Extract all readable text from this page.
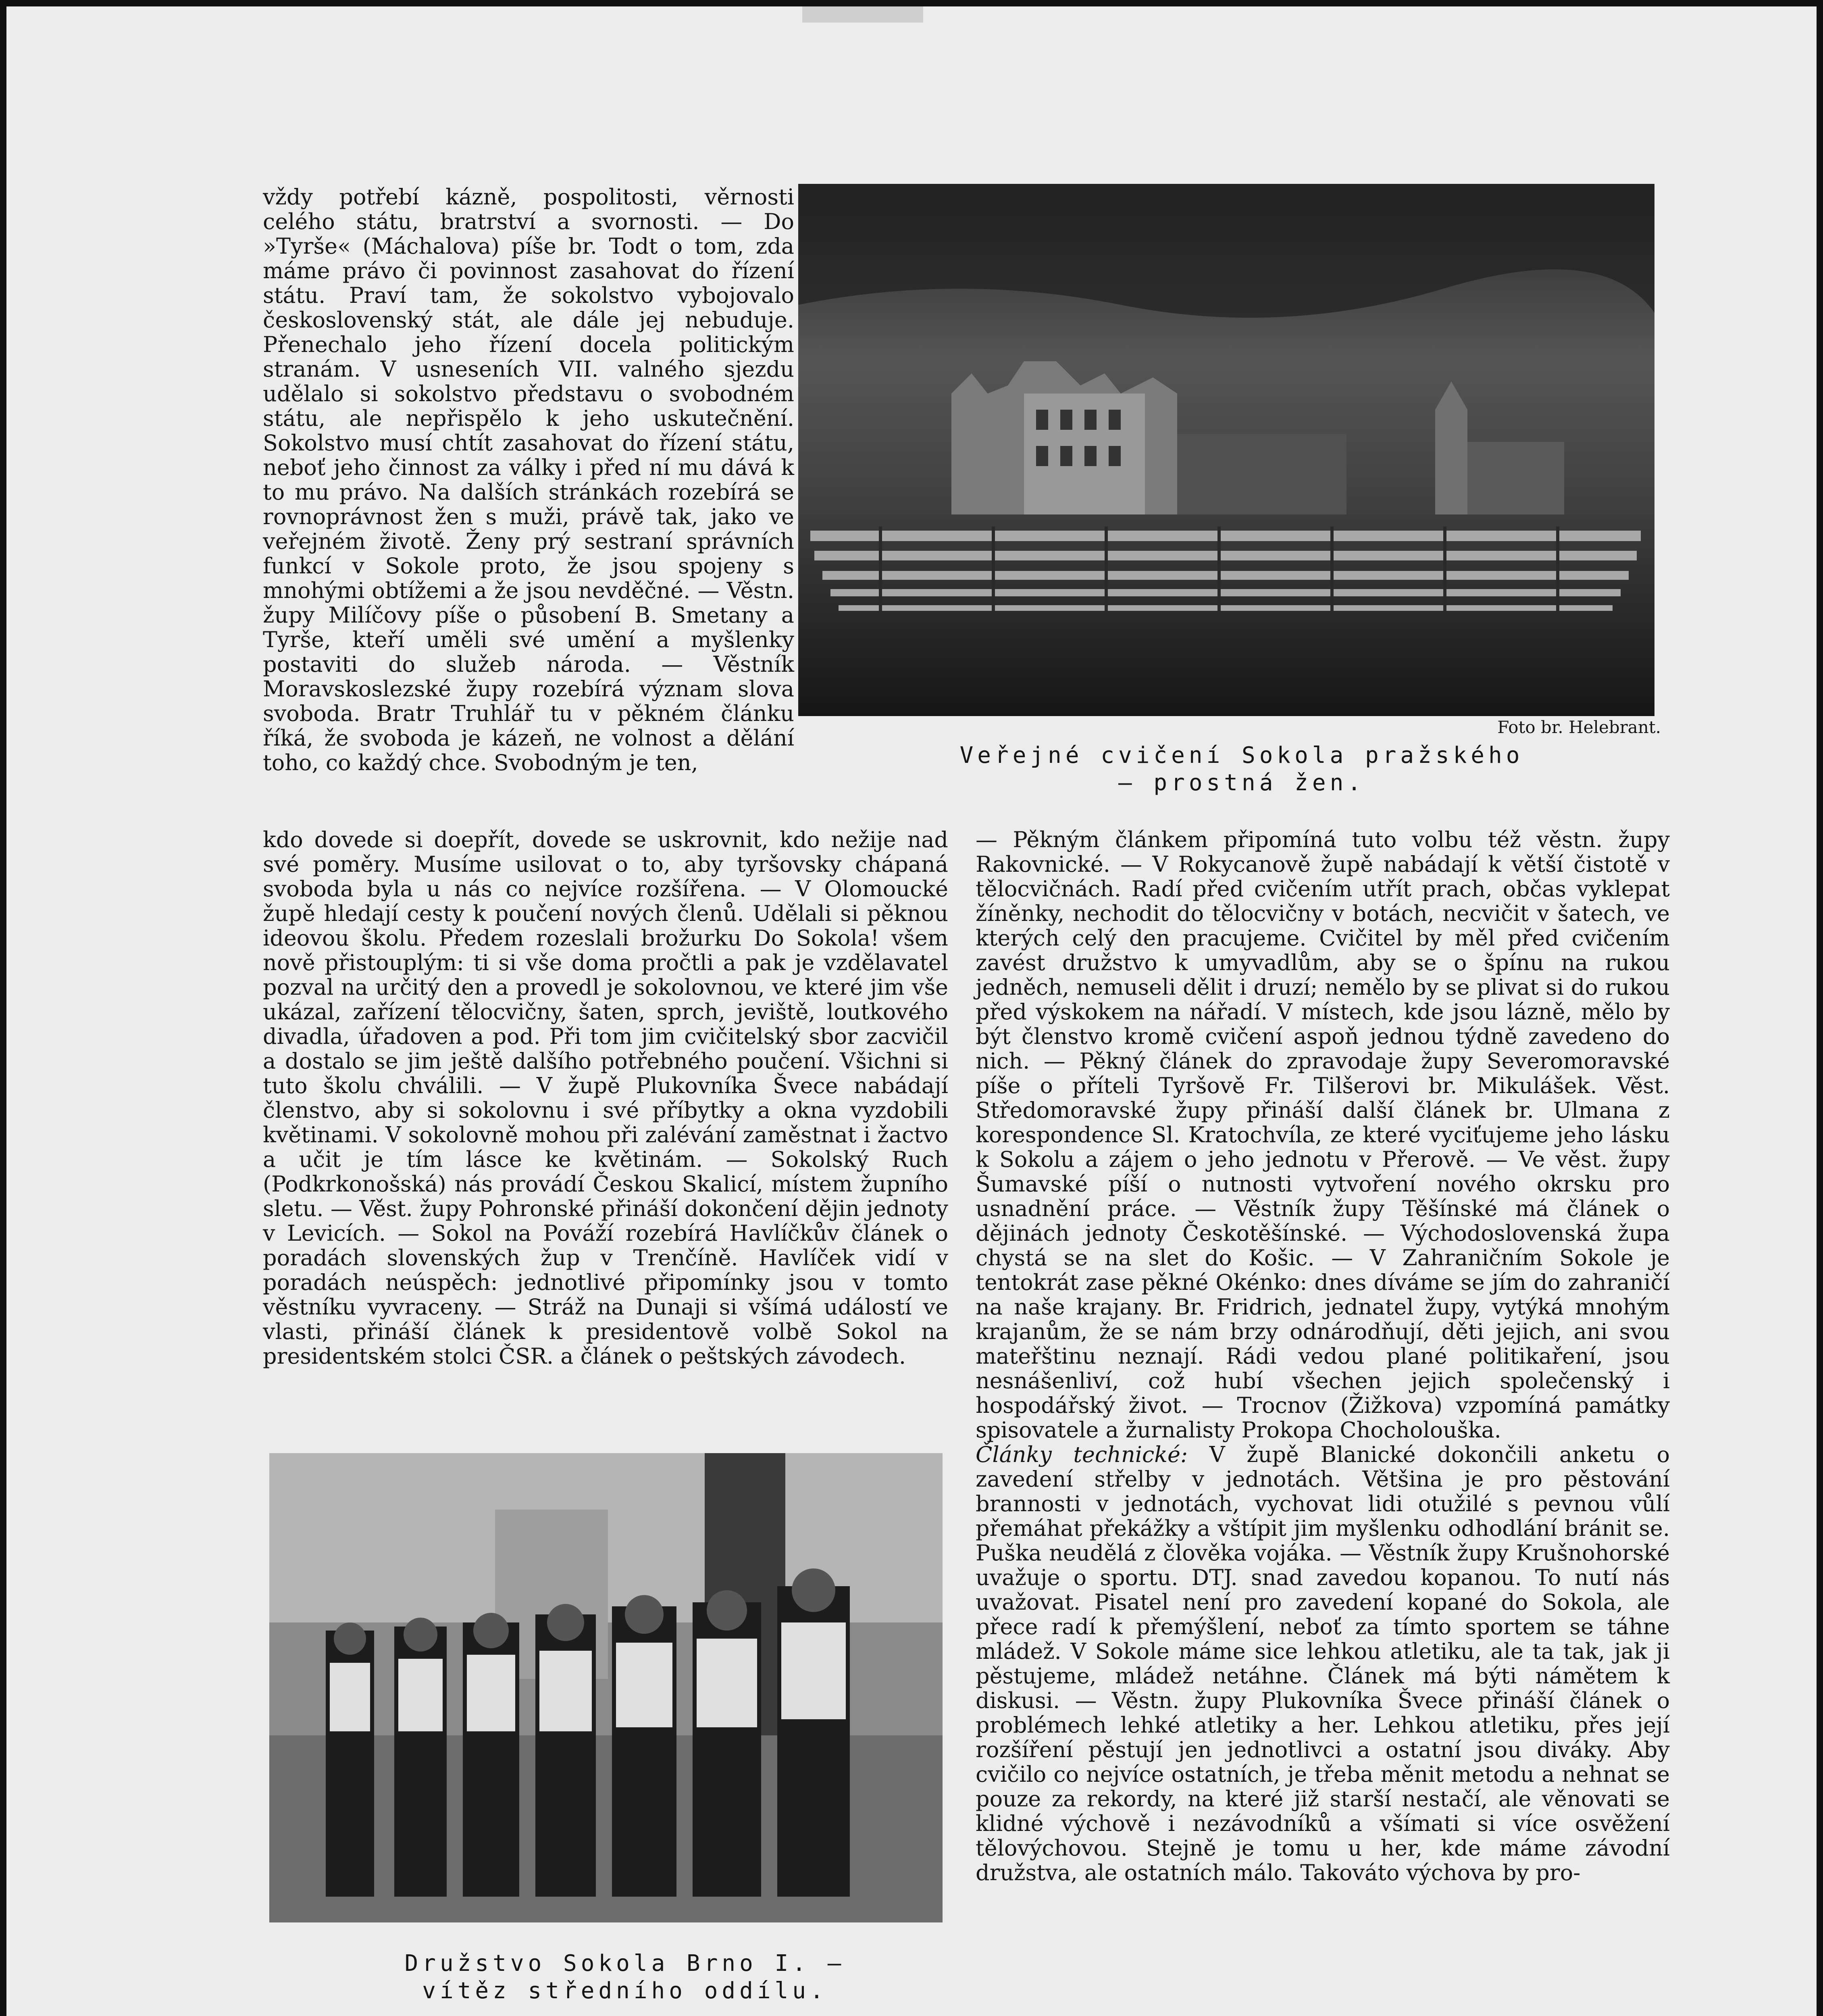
vždy potřebí kázně, pospolitosti, věrnosti celého státu, bratrství a svornosti. — Do »Tyrše« (Máchalova) píše br. Todt o tom, zda máme právo či povinnost zasahovat do řízení státu. Praví tam, že sokolstvo vybojovalo československý stát, ale dále jej nebuduje. Přenechalo jeho řízení docela politickým stranám. V usneseních VII. valného sjezdu udělalo si sokolstvo představu o svobodném státu, ale nepřispělo k jeho uskutečnění. Sokolstvo musí chtít zasahovat do řízení státu, neboť jeho činnost za války i před ní mu dává k to mu právo. Na dalších stránkách rozebírá se rovnoprávnost žen s muži, právě tak, jako ve veřejném životě. Ženy prý sestraní správních funkcí v Sokole proto, že jsou spojeny s mnohými obtížemi a že jsou nevděčné. — Věstn. župy Milíčovy píše o působení B. Smetany a Tyrše, kteří uměli své umění a myšlenky postaviti do služeb národa. — Věstník Moravskoslezské župy rozebírá význam slova svoboda. Bratr Truhlář tu v pěkném článku říká, že svoboda je kázeň, ne volnost a dělání toho, co každý chce. Svobodným je ten,

Foto br. Helebrant.
Veřejné cvičení Sokola pražského
— prostná žen.

kdo dovede si doepřít, dovede se uskrovnit, kdo nežije nad své poměry. Musíme usilovat o to, aby tyršovsky chápaná svoboda byla u nás co nejvíce rozšířena. — V Olomoucké župě hledají cesty k poučení nových členů. Udělali si pěknou ideovou školu. Předem rozeslali brožurku Do Sokola! všem nově přistouplým: ti si vše doma pročtli a pak je vzdělavatel pozval na určitý den a provedl je sokolovnou, ve které jim vše ukázal, zařízení tělocvičny, šaten, sprch, jeviště, loutkového divadla, úřadoven a pod. Při tom jim cvičitelský sbor zacvičil a dostalo se jim ještě dalšího potřebného poučení. Všichni si tuto školu chválili. — V župě Plukovníka Švece nabádají členstvo, aby si sokolovnu i své příbytky a okna vyzdobili květinami. V sokolovně mohou při zalévání zaměstnat i žactvo a učit je tím lásce ke květinám. — Sokolský Ruch (Podkrkonošská) nás provádí Českou Skalicí, místem župního sletu. — Věst. župy Pohronské přináší dokončení dějin jednoty v Levicích. — Sokol na Pováží rozebírá Havlíčkův článek o poradách slovenských žup v Trenčíně. Havlíček vidí v poradách neúspěch: jednotlivé připomínky jsou v tomto věstníku vyvraceny. — Stráž na Dunaji si všímá událostí ve vlasti, přináší článek k presidentově volbě Sokol na presidentském stolci ČSR. a článek o peštských závodech.

— Pěkným článkem připomíná tuto volbu též věstn. župy Rakovnické. — V Rokycanově župě nabádají k větší čistotě v tělocvičnách. Radí před cvičením utřít prach, občas vyklepat žíněnky, nechodit do tělocvičny v botách, necvičit v šatech, ve kterých celý den pracujeme. Cvičitel by měl před cvičením zavést družstvo k umyvadlům, aby se o špínu na rukou jedněch, nemuseli dělit i druzí; nemělo by se plivat si do rukou před výskokem na nářadí. V místech, kde jsou lázně, mělo by být členstvo kromě cvičení aspoň jednou týdně zavedeno do nich. — Pěkný článek do zpravodaje župy Severomoravské píše o příteli Tyršově Fr. Tilšerovi br. Mikulášek. Věst. Středomoravské župy přináší další článek br. Ulmana z korespondence Sl. Kratochvíla, ze které vyciťujeme jeho lásku k Sokolu a zájem o jeho jednotu v Přerově. — Ve věst. župy Šumavské píší o nutnosti vytvoření nového okrsku pro usnadnění práce. — Věstník župy Těšínské má článek o dějinách jednoty Českotěšínské. — Východoslovenská župa chystá se na slet do Košic. — V Zahraničním Sokole je tentokrát zase pěkné Okénko: dnes díváme se jím do zahraničí na naše krajany. Br. Fridrich, jednatel župy, vytýká mnohým krajanům, že se nám brzy odnárodňují, děti jejich, ani svou mateřštinu neznají. Rádi vedou plané politikaření, jsou nesnášenliví, což hubí všechen jejich společenský i hospodářský život. — Trocnov (Žižkova) vzpomíná památky spisovatele a žurnalisty Prokopa Chocholouška.

Články technické: V župě Blanické dokončili anketu o zavedení střelby v jednotách. Většina je pro pěstování brannosti v jednotách, vychovat lidi otužilé s pevnou vůlí přemáhat překážky a vštípit jim myšlenku odhodlání bránit se. Puška neudělá z člověka vojáka. — Věstník župy Krušnohorské uvažuje o sportu. DTJ. snad zavedou kopanou. To nutí nás uvažovat. Pisatel není pro zavedení kopané do Sokola, ale přece radí k přemýšlení, neboť za tímto sportem se táhne mládež. V Sokole máme sice lehkou atletiku, ale ta tak, jak ji pěstujeme, mládež netáhne. Článek má býti námětem k diskusi. — Věstn. župy Plukovníka Švece přináší článek o problémech lehké atletiky a her. Lehkou atletiku, přes její rozšíření pěstují jen jednotlivci a ostatní jsou diváky. Aby cvičilo co nejvíce ostatních, je třeba měnit metodu a nehnat se pouze za rekordy, na které již starší nestačí, ale věnovati se klidné výchově i nezávodníků a všímati si více osvěžení tělovýchovou. Stejně je tomu u her, kde máme závodní družstva, ale ostatních málo. Takováto výchova by pro-

Družstvo Sokola Brno I. —
vítěz středního oddílu.
